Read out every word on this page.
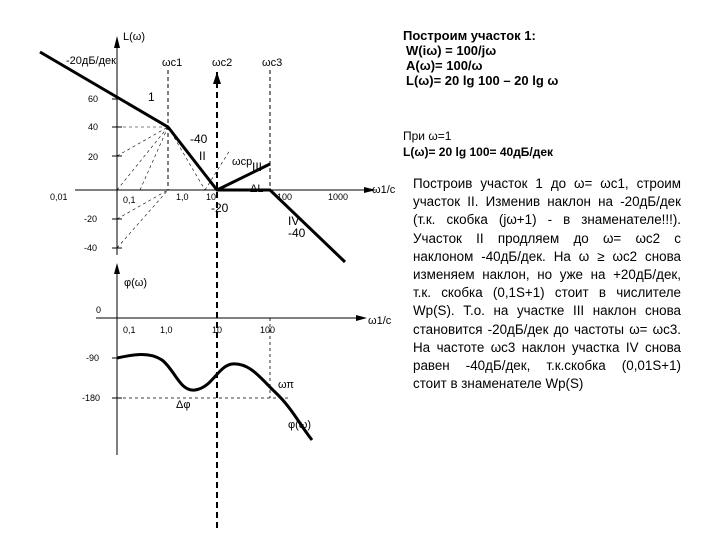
L(ω)
60
40
20
-20
-40
0,01	0,1	1,0 10	100	1000
ω1/c
-20дБ/дек	ωc1	ωc2	ωc3
1
II
III
IV
-40
-20
-40
ωcp
ΔL
φ(ω)
ω1/c
0
0,1	1,0	10	100
-90
-180
ωπ
Δφ
φ(ω)
Построим участок 1:
W(iω) = 100/jω
A(ω)= 100/ω
L(ω)= 20 lg 100 – 20 lg ω
При ω=1
L(ω)= 20 lg 100= 40дБ/дек
Построив участок 1 до ω= ωc1, строим участок II. Изменив наклон на -20дБ/дек (т.к. скобка (jω+1) - в знаменателе!!!). Участок II продляем до ω= ωc2 с наклоном -40дБ/дек. На ω ≥ ωc2 снова изменяем наклон, но уже на +20дБ/дек, т.к. скобка (0,1S+1) стоит в числителе Wp(S). Т.о. на участке III наклон снова становится -20дБ/дек до частоты ω= ωc3. На частоте ωc3 наклон участка IV снова равен -40дБ/дек, т.к.скобка (0,01S+1) стоит в знаменателе Wp(S)
